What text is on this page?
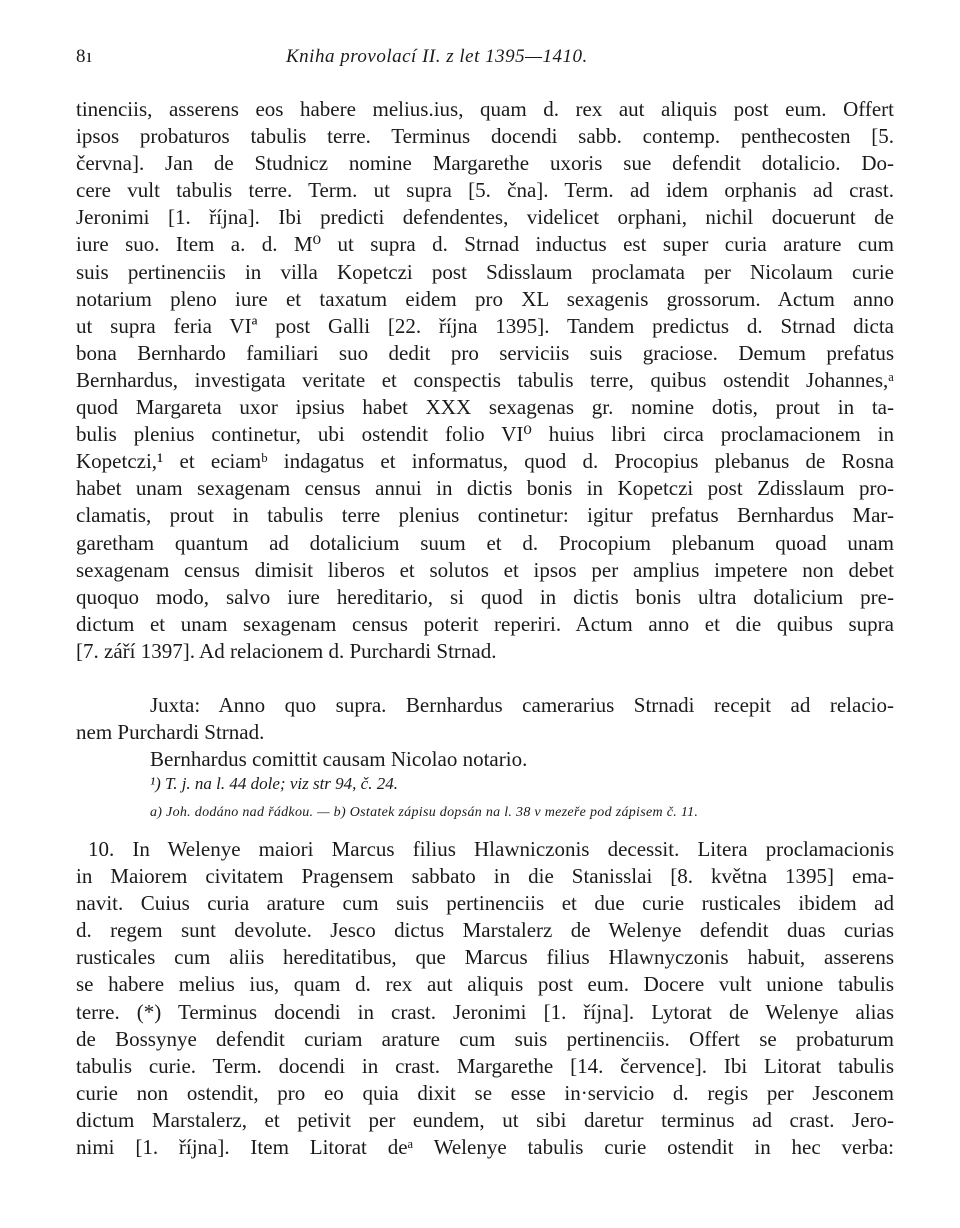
8ı	Kniha provolací II. z let 1395—1410.
tinenciis, asserens eos habere melius.ius, quam d. rex aut aliquis post eum. Offert
ipsos probaturos tabulis terre. Terminus docendi sabb. contemp. penthecosten [5.
června]. Jan de Studnicz nomine Margarethe uxoris sue defendit dotalicio. Do-
cere vult tabulis terre. Term. ut supra [5. čna]. Term. ad idem orphanis ad crast.
Jeronimi [1. října]. Ibi predicti defendentes, videlicet orphani, nichil docuerunt de
iure suo. Item a. d. M⁰ ut supra d. Strnad inductus est super curia arature cum
suis pertinenciis in villa Kopetczi post Sdisslaum proclamata per Nicolaum curie
notarium pleno iure et taxatum eidem pro XL sexagenis grossorum. Actum anno
ut supra feria VIª post Galli [22. října 1395]. Tandem predictus d. Strnad dicta
bona Bernhardo familiari suo dedit pro serviciis suis graciose. Demum prefatus
Bernhardus, investigata veritate et conspectis tabulis terre, quibus ostendit Johannes,ᵃ
quod Margareta uxor ipsius habet XXX sexagenas gr. nomine dotis, prout in ta-
bulis plenius continetur, ubi ostendit folio VI⁰ huius libri circa proclamacionem in
Kopetczi,¹ et eciamᵇ indagatus et informatus, quod d. Procopius plebanus de Rosna
habet unam sexagenam census annui in dictis bonis in Kopetczi post Zdisslaum pro-
clamatis, prout in tabulis terre plenius continetur: igitur prefatus Bernhardus Mar-
garetham quantum ad dotalicium suum et d. Procopium plebanum quoad unam
sexagenam census dimisit liberos et solutos et ipsos per amplius impetere non debet
quoquo modo, salvo iure hereditario, si quod in dictis bonis ultra dotalicium pre-
dictum et unam sexagenam census poterit reperiri. Actum anno et die quibus supra
[7. září 1397]. Ad relacionem d. Purchardi Strnad.
Juxta: Anno quo supra. Bernhardus camerarius Strnadi recepit ad relacio-
nem Purchardi Strnad.
Bernhardus comittit causam Nicolao notario.
¹) T. j. na l. 44 dole; viz str 94, č. 24.
a) Joh. dodáno nad řádkou. — b) Ostatek zápisu dopsán na l. 38 v mezeře pod zápisem č. 11.
10. In Welenye maiori Marcus filius Hlawniczonis decessit. Litera proclamacionis
in Maiorem civitatem Pragensem sabbato in die Stanisslai [8. května 1395] ema-
navit. Cuius curia arature cum suis pertinenciis et due curie rusticales ibidem ad
d. regem sunt devolute. Jesco dictus Marstalerz de Welenye defendit duas curias
rusticales cum aliis hereditatibus, que Marcus filius Hlawnyczonis habuit, asserens
se habere melius ius, quam d. rex aut aliquis post eum. Docere vult unione tabulis
terre. (*) Terminus docendi in crast. Jeronimi [1. října]. Lytorat de Welenye alias
de Bossynye defendit curiam arature cum suis pertinenciis. Offert se probaturum
tabulis curie. Term. docendi in crast. Margarethe [14. července]. Ibi Litorat tabulis
curie non ostendit, pro eo quia dixit se esse in·servicio d. regis per Jesconem
dictum Marstalerz, et petivit per eundem, ut sibi daretur terminus ad crast. Jero-
nimi [1. října]. Item Litorat deᵃ Welenye tabulis curie ostendit in hec verba:
